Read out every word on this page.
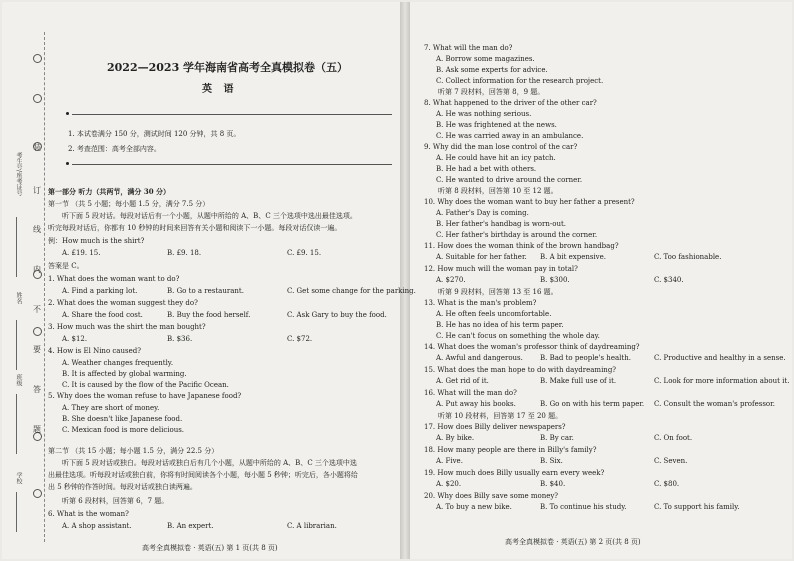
装
订
线
内
不
要
答
题
考生号/座考证号
姓名
班级
学校
2022—2023 学年海南省高考全真模拟卷（五）
英 语
1. 本试卷满分 150 分，测试时间 120 分钟，共 8 页。
2. 考查范围：高考全部内容。
第一部分 听力（共两节，满分 30 分）
第一节 （共 5 小题；每小题 1.5 分，满分 7.5 分）
听下面 5 段对话。每段对话后有一个小题，从题中所给的 A、B、C 三个选项中选出最佳选项。
听完每段对话后，你都有 10 秒钟的时间来回答有关小题和阅读下一小题。每段对话仅读一遍。
例：How much is the shirt?
A. £19. 15.	B. £9. 18.	C. £9. 15.
答案是 C。
1. What does the woman want to do?
A. Find a parking lot.	B. Go to a restaurant.	C. Get some change for the parking.
2. What does the woman suggest they do?
A. Share the food cost.	B. Buy the food herself.	C. Ask Gary to buy the food.
3. How much was the shirt the man bought?
A. $12.	B. $36.	C. $72.
4. How is El Nino caused?
A. Weather changes frequently.
B. It is affected by global warming.
C. It is caused by the flow of the Pacific Ocean.
5. Why does the woman refuse to have Japanese food?
A. They are short of money.
B. She doesn't like Japanese food.
C. Mexican food is more delicious.
第二节 （共 15 小题；每小题 1.5 分，满分 22.5 分）
听下面 5 段对话或独白。每段对话或独白后有几个小题，从题中所给的 A、B、C 三个选项中选
出最佳选项。听每段对话或独白前，你将有时间阅读各个小题，每小题 5 秒钟；听完后，各小题将给
出 5 秒钟的作答时间。每段对话或独白读两遍。
听第 6 段材料，回答第 6，7 题。
6. What is the woman?
A. A shop assistant.	B. An expert.	C. A librarian.
高考全真模拟卷 · 英语(五) 第 1 页(共 8 页)
7. What will the man do?
A. Borrow some magazines.
B. Ask some experts for advice.
C. Collect information for the research project.
听第 7 段材料，回答第 8，9 题。
8. What happened to the driver of the other car?
A. He was nothing serious.
B. He was frightened at the news.
C. He was carried away in an ambulance.
9. Why did the man lose control of the car?
A. He could have hit an icy patch.
B. He had a bet with others.
C. He wanted to drive around the corner.
听第 8 段材料，回答第 10 至 12 题。
10. Why does the woman want to buy her father a present?
A. Father's Day is coming.
B. Her father's handbag is worn-out.
C. Her father's birthday is around the corner.
11. How does the woman think of the brown handbag?
A. Suitable for her father. B. A bit expensive.	C. Too fashionable.
12. How much will the woman pay in total?
A. $270.	B. $300.	C. $340.
听第 9 段材料，回答第 13 至 16 题。
13. What is the man's problem?
A. He often feels uncomfortable.
B. He has no idea of his term paper.
C. He can't focus on something the whole day.
14. What does the woman's professor think of daydreaming?
A. Awful and dangerous. B. Bad to people's health.	C. Productive and healthy in a sense.
15. What does the man hope to do with daydreaming?
A. Get rid of it.	B. Make full use of it.	C. Look for more information about it.
16. What will the man do?
A. Put away his books.	B. Go on with his term paper. C. Consult the woman's professor.
听第 10 段材料，回答第 17 至 20 题。
17. How does Billy deliver newspapers?
A. By bike.	B. By car.	C. On foot.
18. How many people are there in Billy's family?
A. Five.	B. Six.	C. Seven.
19. How much does Billy usually earn every week?
A. $20.	B. $40.	C. $80.
20. Why does Billy save some money?
A. To buy a new bike.	B. To continue his study.	C. To support his family.
高考全真模拟卷 · 英语(五) 第 2 页(共 8 页)
